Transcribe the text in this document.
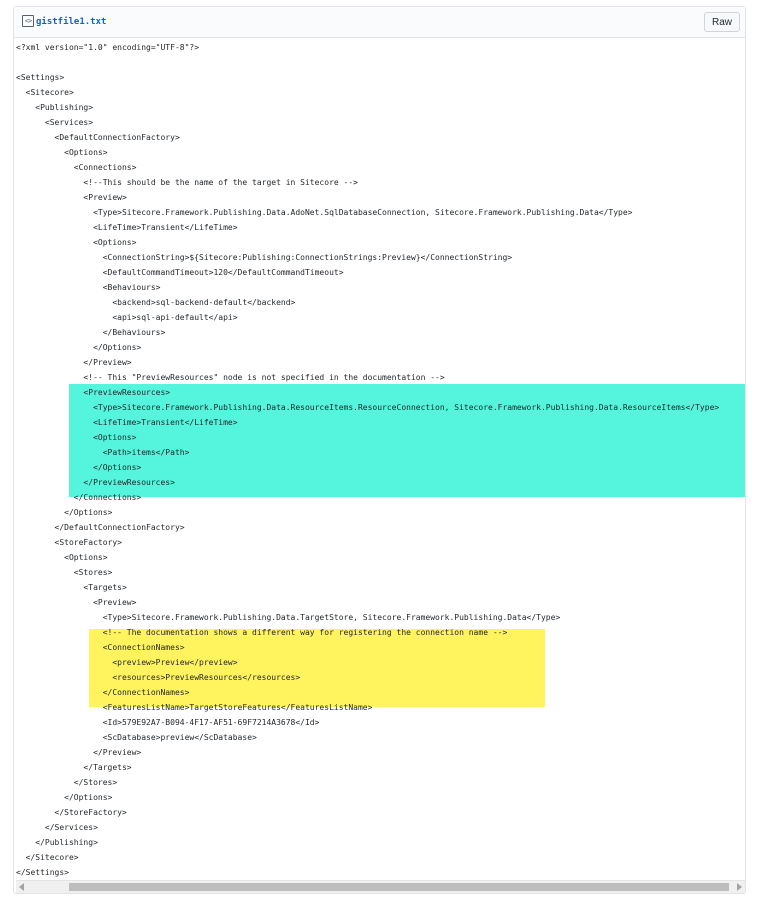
<> gistfile1.txt	Raw
<?xml version="1.0" encoding="UTF-8"?>
<Settings>
<Sitecore>
<Publishing>
<Services>
<DefaultConnectionFactory>
<Options>
<Connections>
<!--This should be the name of the target in Sitecore -->
<Preview>
<Type>Sitecore.Framework.Publishing.Data.AdoNet.SqlDatabaseConnection, Sitecore.Framework.Publishing.Data</Type>
<LifeTime>Transient</LifeTime>
<Options>
<ConnectionString>${Sitecore:Publishing:ConnectionStrings:Preview}</ConnectionString>
<DefaultCommandTimeout>120</DefaultCommandTimeout>
<Behaviours>
<backend>sql-backend-default</backend>
<api>sql-api-default</api>
</Behaviours>
</Options>
</Preview>
<!-- This "PreviewResources" node is not specified in the documentation -->
<PreviewResources>
<Type>Sitecore.Framework.Publishing.Data.ResourceItems.ResourceConnection, Sitecore.Framework.Publishing.Data.ResourceItems</Type>
<LifeTime>Transient</LifeTime>
<Options>
<Path>items</Path>
</Options>
</PreviewResources>
</Connections>
</Options>
</DefaultConnectionFactory>
<StoreFactory>
<Options>
<Stores>
<Targets>
<Preview>
<Type>Sitecore.Framework.Publishing.Data.TargetStore, Sitecore.Framework.Publishing.Data</Type>
<!-- The documentation shows a different way for registering the connection name -->
<ConnectionNames>
<preview>Preview</preview>
<resources>PreviewResources</resources>
</ConnectionNames>
<FeaturesListName>TargetStoreFeatures</FeaturesListName>
<Id>579E92A7-B094-4F17-AF51-69F7214A3678</Id>
<ScDatabase>preview</ScDatabase>
</Preview>
</Targets>
</Stores>
</Options>
</StoreFactory>
</Services>
</Publishing>
</Sitecore>
</Settings>
